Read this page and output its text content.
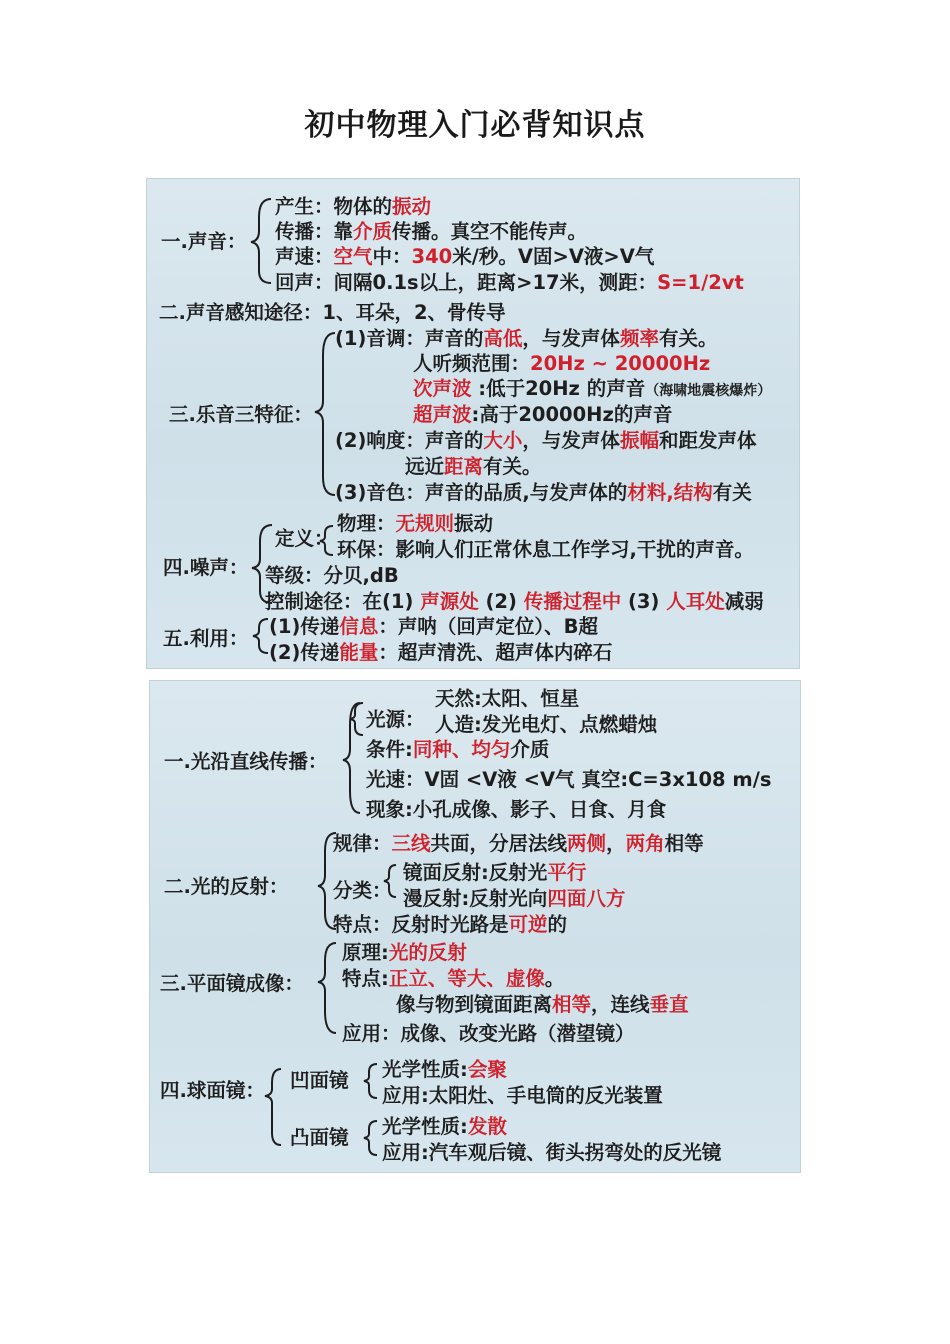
初中物理入门必背知识点
一.声音：
产生：物体的振动
传播：靠介质传播。真空不能传声。
声速：空气中：340米/秒。V固>V液>V气
回声：间隔0.1s以上，距离>17米，测距：S=1/2vt
二.声音感知途径：1、耳朵，2、骨传导
三.乐音三特征：
(1)音调：声音的高低，与发声体频率有关。
人听频范围：20Hz ~ 20000Hz
次声波 :低于20Hz 的声音（海啸地震核爆炸）
超声波:高于20000Hz的声音
(2)响度：声音的大小，与发声体振幅和距发声体
远近距离有关。
(3)音色：声音的品质,与发声体的材料,结构有关
四.噪声：
定义：
物理：无规则振动
环保：影响人们正常休息工作学习,干扰的声音。
等级：分贝,dB
控制途径：在(1) 声源处 (2) 传播过程中 (3) 人耳处减弱
五.利用：
(1)传递信息：声呐（回声定位）、B超
(2)传递能量：超声清洗、超声体内碎石
一.光沿直线传播：
光源：
天然:太阳、恒星
人造:发光电灯、点燃蜡烛
条件:同种、均匀介质
光速：V固 <V液 <V气 真空:C=3x108 m/s
现象:小孔成像、影子、日食、月食
二.光的反射：
规律：三线共面，分居法线两侧，两角相等
分类：
镜面反射:反射光平行
漫反射:反射光向四面八方
特点：反射时光路是可逆的
三.平面镜成像：
原理:光的反射
特点:正立、等大、虚像。
像与物到镜面距离相等，连线垂直
应用：成像、改变光路（潜望镜）
四.球面镜： 凹面镜 光学性质:会聚
应用:太阳灶、手电筒的反光装置
凸面镜 光学性质:发散
应用:汽车观后镜、街头拐弯处的反光镜
